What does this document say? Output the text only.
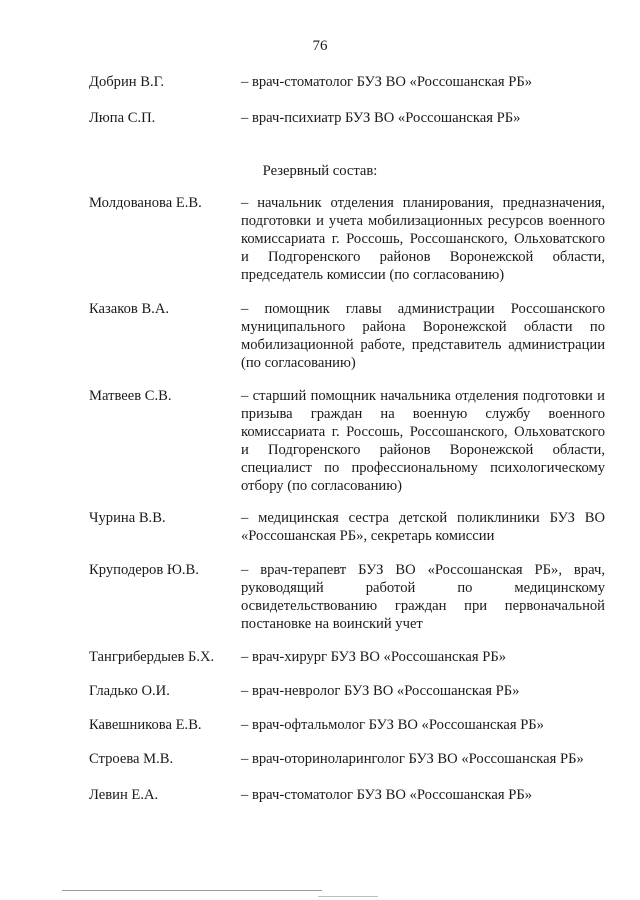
76
Добрин В.Г.	– врач-стоматолог БУЗ ВО «Россошанская РБ»
Люпа С.П.	– врач-психиатр БУЗ ВО «Россошанская РБ»
Резервный состав:
Молдованова Е.В.	– начальник отделения планирования, предназначения, подготовки и учета мобилизационных ресурсов военного комиссариата г. Россошь, Россошанского, Ольховатского и Подгоренского районов Воронежской области, председатель комиссии (по согласованию)
Казаков В.А.	– помощник главы администрации Россошанского муниципального района Воронежской области по мобилизационной работе, представитель администрации (по согласованию)
Матвеев С.В.	– старший помощник начальника отделения подготовки и призыва граждан на военную службу военного комиссариата г. Россошь, Россошанского, Ольховатского и Подгоренского районов Воронежской области, специалист по профессиональному психологическому отбору (по согласованию)
Чурина В.В.	– медицинская сестра детской поликлиники БУЗ ВО «Россошанская РБ», секретарь комиссии
Круподеров Ю.В.	– врач-терапевт БУЗ ВО «Россошанская РБ», врач, руководящий работой по медицинскому освидетельствованию граждан при первоначальной постановке на воинский учет
Тангрибердыев Б.Х. – врач-хирург БУЗ ВО «Россошанская РБ»
Гладько О.И.	– врач-невролог БУЗ ВО «Россошанская РБ»
Кавешникова Е.В.	– врач-офтальмолог БУЗ ВО «Россошанская РБ»
Строева М.В.	– врач-оториноларинголог БУЗ ВО «Россошанская РБ»
Левин Е.А.	– врач-стоматолог БУЗ ВО «Россошанская РБ»
